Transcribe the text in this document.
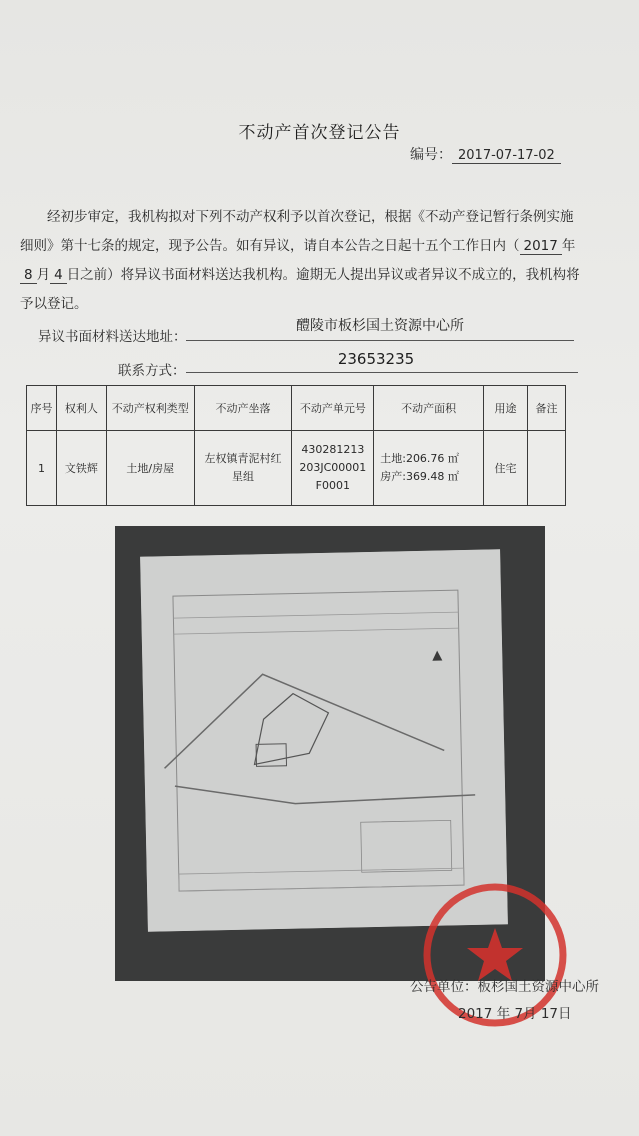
不动产首次登记公告
编号： 2017-07-17-02
　　经初步审定，我机构拟对下列不动产权利予以首次登记，根据《不动产登记暂行条例实施细则》第十七条的规定，现予公告。如有异议，请自本公告之日起十五个工作日内（ 2017 年8 月 4 日之前）将异议书面材料送达我机构。逾期无人提出异议或者异议不成立的，我机构将予以登记。
异议书面材料送达地址：
醴陵市板杉国土资源中心所
联系方式：
23653235
序号	权利人	不动产权利类型	不动产坐落	不动产单元号	不动产面积	用途	备注
1	文铁辉	土地/房屋	左权镇青泥村红星组	430281213203JC00001F0001	土地:206.76 ㎡
房产:369.48 ㎡	住宅	
公告单位：板杉国土资源中心所
2017 年 7月 17日
